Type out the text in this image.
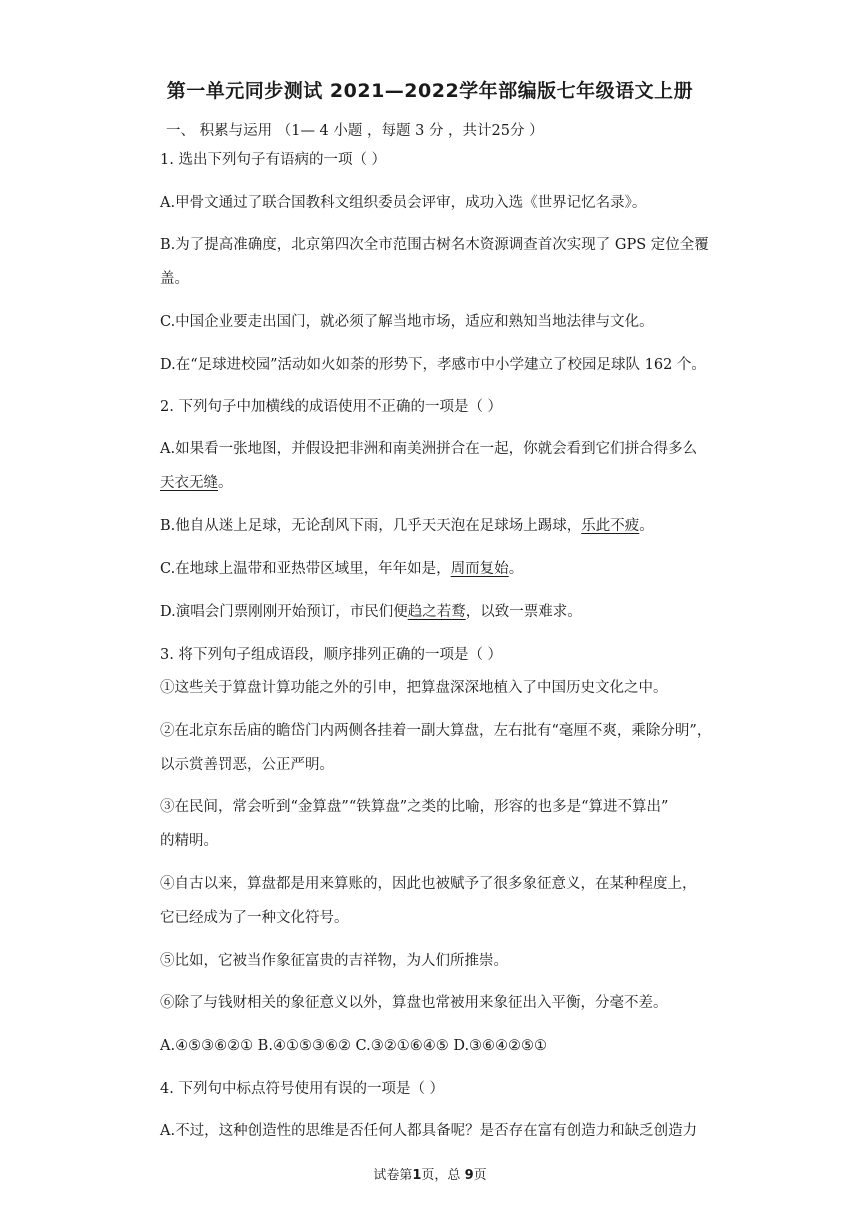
第一单元同步测试 2021—2022学年部编版七年级语文上册
一、 积累与运用 （1— 4 小题 ，每题 3 分 ，共计25分 ）
1. 选出下列句子有语病的一项（ ）
A.甲骨文通过了联合国教科文组织委员会评审，成功入选《世界记忆名录》。
B.为了提高准确度，北京第四次全市范围古树名木资源调查首次实现了 GPS 定位全覆
盖。
C.中国企业要走出国门，就必须了解当地市场，适应和熟知当地法律与文化。
D.在“足球进校园”活动如火如荼的形势下，孝感市中小学建立了校园足球队 162 个。
2. 下列句子中加横线的成语使用不正确的一项是（ ）
A.如果看一张地图，并假设把非洲和南美洲拼合在一起，你就会看到它们拼合得多么
天衣无缝。
B.他自从迷上足球，无论刮风下雨，几乎天天泡在足球场上踢球，乐此不疲。
C.在地球上温带和亚热带区域里，年年如是，周而复始。
D.演唱会门票刚刚开始预订，市民们便趋之若鹜，以致一票难求。
3. 将下列句子组成语段，顺序排列正确的一项是（ ）
①这些关于算盘计算功能之外的引申，把算盘深深地植入了中国历史文化之中。
②在北京东岳庙的瞻岱门内两侧各挂着一副大算盘，左右批有“毫厘不爽，乘除分明”，
以示赏善罚恶，公正严明。
③在民间，常会听到“金算盘”“铁算盘”之类的比喻，形容的也多是“算进不算出”
的精明。
④自古以来，算盘都是用来算账的，因此也被赋予了很多象征意义，在某种程度上，
它已经成为了一种文化符号。
⑤比如，它被当作象征富贵的吉祥物，为人们所推崇。
⑥除了与钱财相关的象征意义以外，算盘也常被用来象征出入平衡，分毫不差。
A.④⑤③⑥②① B.④①⑤③⑥② C.③②①⑥④⑤ D.③⑥④②⑤①
4. 下列句中标点符号使用有误的一项是（ ）
A.不过，这种创造性的思维是否任何人都具备呢？是否存在富有创造力和缺乏创造力
试卷第1页，总 9页
